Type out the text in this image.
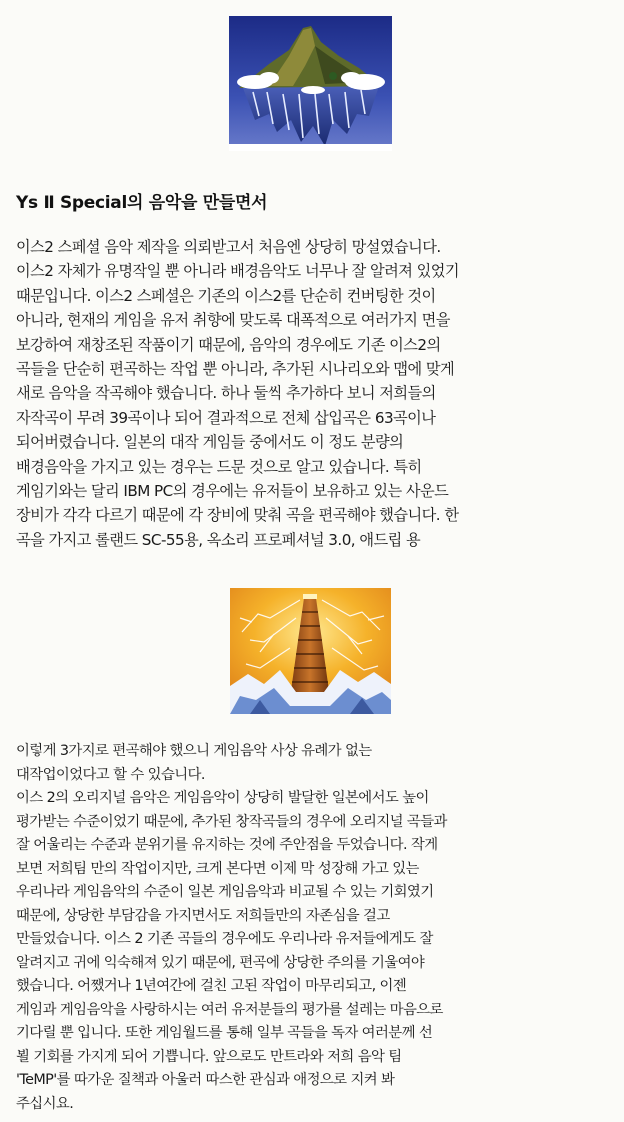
Ys Ⅱ Special의 음악을 만들면서
이스2 스페셜 음악 제작을 의뢰받고서 처음엔 상당히 망설였습니다.
이스2 자체가 유명작일 뿐 아니라 배경음악도 너무나 잘 알려져 있었기
때문입니다. 이스2 스페셜은 기존의 이스2를 단순히 컨버팅한 것이
아니라, 현재의 게임을 유저 취향에 맞도록 대폭적으로 여러가지 면을
보강하여 재창조된 작품이기 때문에, 음악의 경우에도 기존 이스2의
곡들을 단순히 편곡하는 작업 뿐 아니라, 추가된 시나리오와 맵에 맞게
새로 음악을 작곡해야 했습니다. 하나 둘씩 추가하다 보니 저희들의
자작곡이 무려 39곡이나 되어 결과적으로 전체 삽입곡은 63곡이나
되어버렸습니다. 일본의 대작 게임들 중에서도 이 정도 분량의
배경음악을 가지고 있는 경우는 드문 것으로 알고 있습니다. 특히
게임기와는 달리 IBM PC의 경우에는 유저들이 보유하고 있는 사운드
장비가 각각 다르기 때문에 각 장비에 맞춰 곡을 편곡해야 했습니다. 한
곡을 가지고 롤랜드 SC-55용, 옥소리 프로페셔널 3.0, 애드립 용
이렇게 3가지로 편곡해야 했으니 게임음악 사상 유례가 없는
대작업이었다고 할 수 있습니다.
이스 2의 오리지널 음악은 게임음악이 상당히 발달한 일본에서도 높이
평가받는 수준이었기 때문에, 추가된 창작곡들의 경우에 오리지널 곡들과
잘 어울리는 수준과 분위기를 유지하는 것에 주안점을 두었습니다. 작게
보면 저희팀 만의 작업이지만, 크게 본다면 이제 막 성장해 가고 있는
우리나라 게임음악의 수준이 일본 게임음악과 비교될 수 있는 기회였기
때문에, 상당한 부담감을 가지면서도 저희들만의 자존심을 걸고
만들었습니다. 이스 2 기존 곡들의 경우에도 우리나라 유저들에게도 잘
알려지고 귀에 익숙해져 있기 때문에, 편곡에 상당한 주의를 기울여야
했습니다. 어쨌거나 1년여간에 걸친 고된 작업이 마무리되고, 이젠
게임과 게임음악을 사랑하시는 여러 유저분들의 평가를 설레는 마음으로
기다릴 뿐 입니다. 또한 게임월드를 통해 일부 곡들을 독자 여러분께 선
뵐 기회를 가지게 되어 기쁩니다. 앞으로도 만트라와 저희 음악 팀
'TeMP'를 따가운 질책과 아울러 따스한 관심과 애정으로 지켜 봐
주십시요.
